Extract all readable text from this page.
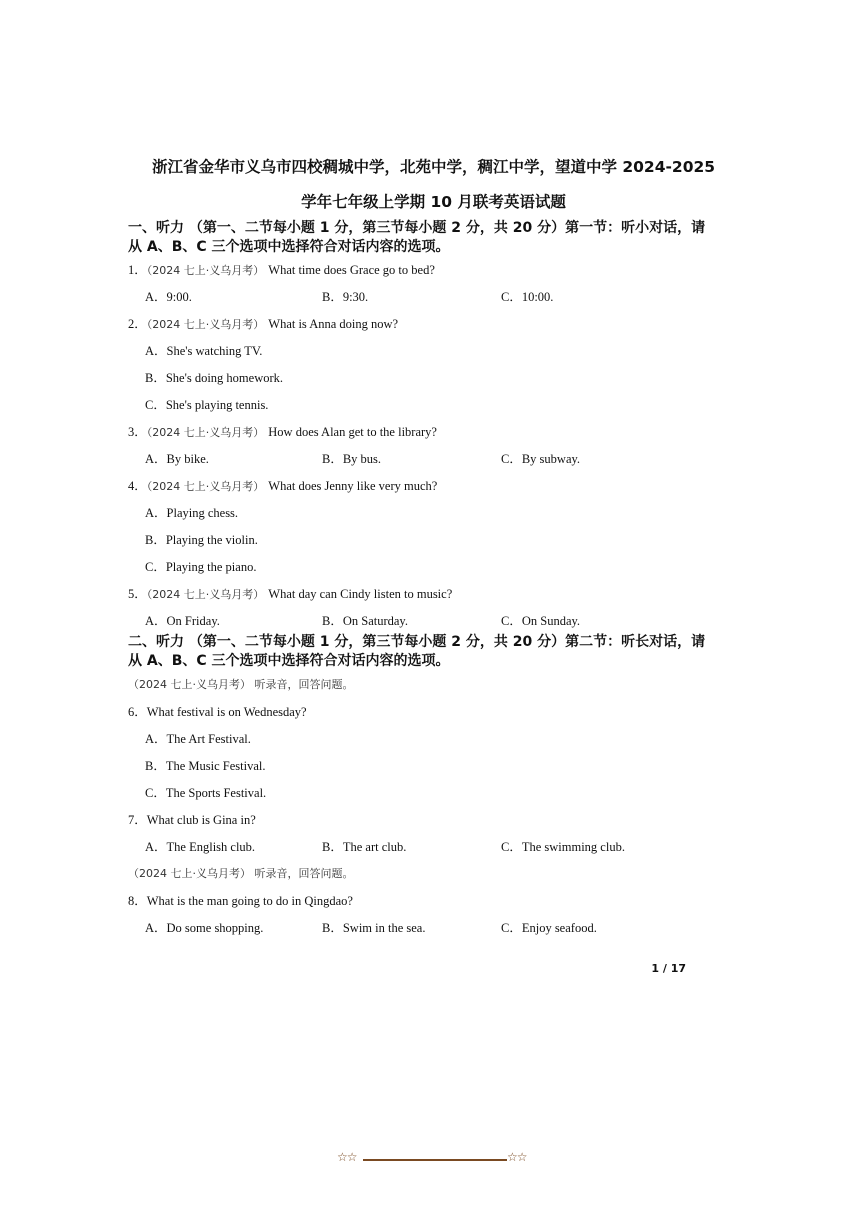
浙江省金华市义乌市四校稠城中学，北苑中学，稠江中学，望道中学 2024-2025
学年七年级上学期 10 月联考英语试题
一、听力 （第一、二节每小题 1 分，第三节每小题 2 分，共 20 分）第一节：听小对话，请
从 A、B、C 三个选项中选择符合对话内容的选项。
1．（2024 七上·义乌月考） What time does Grace go to bed?
A．9:00.	B．9:30.	C．10:00.
2．（2024 七上·义乌月考） What is Anna doing now?
A．She's watching TV.
B．She's doing homework.
C．She's playing tennis.
3．（2024 七上·义乌月考） How does Alan get to the library?
A．By bike.	B．By bus.	C．By subway.
4．（2024 七上·义乌月考） What does Jenny like very much?
A．Playing chess.
B．Playing the violin.
C．Playing the piano.
5．（2024 七上·义乌月考） What day can Cindy listen to music?
A．On Friday.	B．On Saturday.	C．On Sunday.
二、听力 （第一、二节每小题 1 分，第三节每小题 2 分，共 20 分）第二节：听长对话，请
从 A、B、C 三个选项中选择符合对话内容的选项。
（2024 七上·义乌月考） 听录音，回答问题。
6．What festival is on Wednesday?
A．The Art Festival.
B．The Music Festival.
C．The Sports Festival.
7．What club is Gina in?
A．The English club.	B．The art club.	C．The swimming club.
（2024 七上·义乌月考） 听录音，回答问题。
8．What is the man going to do in Qingdao?
A．Do some shopping.	B．Swim in the sea.	C．Enjoy seafood.
1 / 17
☆☆	☆☆
